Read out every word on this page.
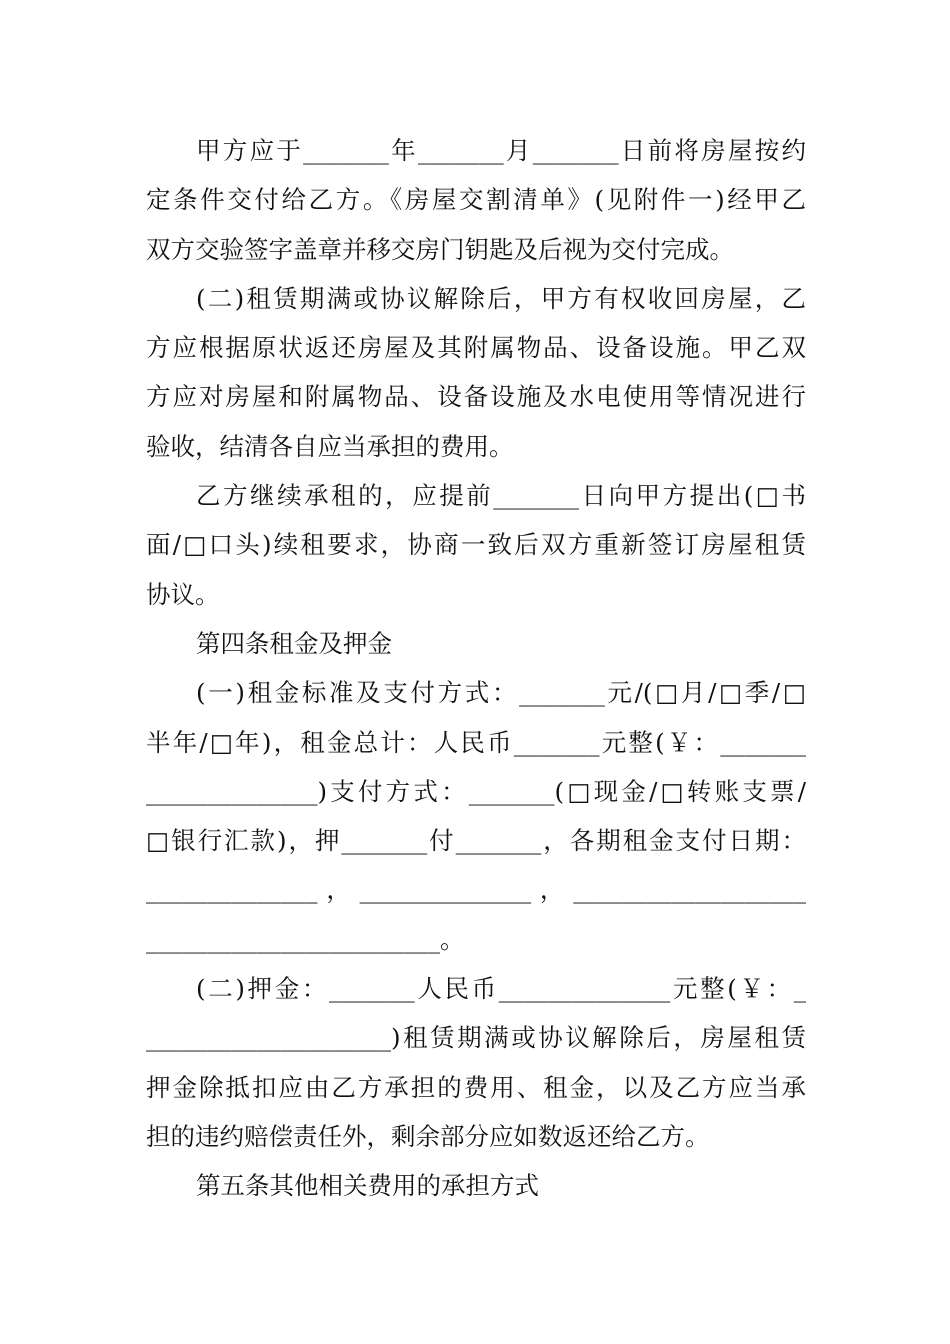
甲方应于_______年_______月_______日前将房屋按约
定条件交付给乙方。《房屋交割清单》(见附件一)经甲乙
双方交验签字盖章并移交房门钥匙及后视为交付完成。
(二)租赁期满或协议解除后，甲方有权收回房屋，乙
方应根据原状返还房屋及其附属物品、设备设施。甲乙双
方应对房屋和附属物品、设备设施及水电使用等情况进行
验收，结清各自应当承担的费用。
乙方继续承租的，应提前_______日向甲方提出(□书
面/□口头)续租要求，协商一致后双方重新签订房屋租赁
协议。
第四条租金及押金
(一)租金标准及支付方式：_______元/(□月/□季/□
半年/□年)，租金总计：人民币_______元整(￥：_______
______________)支付方式：_______(□现金/□转账支票/
□银行汇款)，押_______付_______，各期租金支付日期：
______________，______________，___________________
________________________。
(二)押金：_______人民币______________元整(￥：_
____________________)租赁期满或协议解除后，房屋租赁
押金除抵扣应由乙方承担的费用、租金，以及乙方应当承
担的违约赔偿责任外，剩余部分应如数返还给乙方。
第五条其他相关费用的承担方式
